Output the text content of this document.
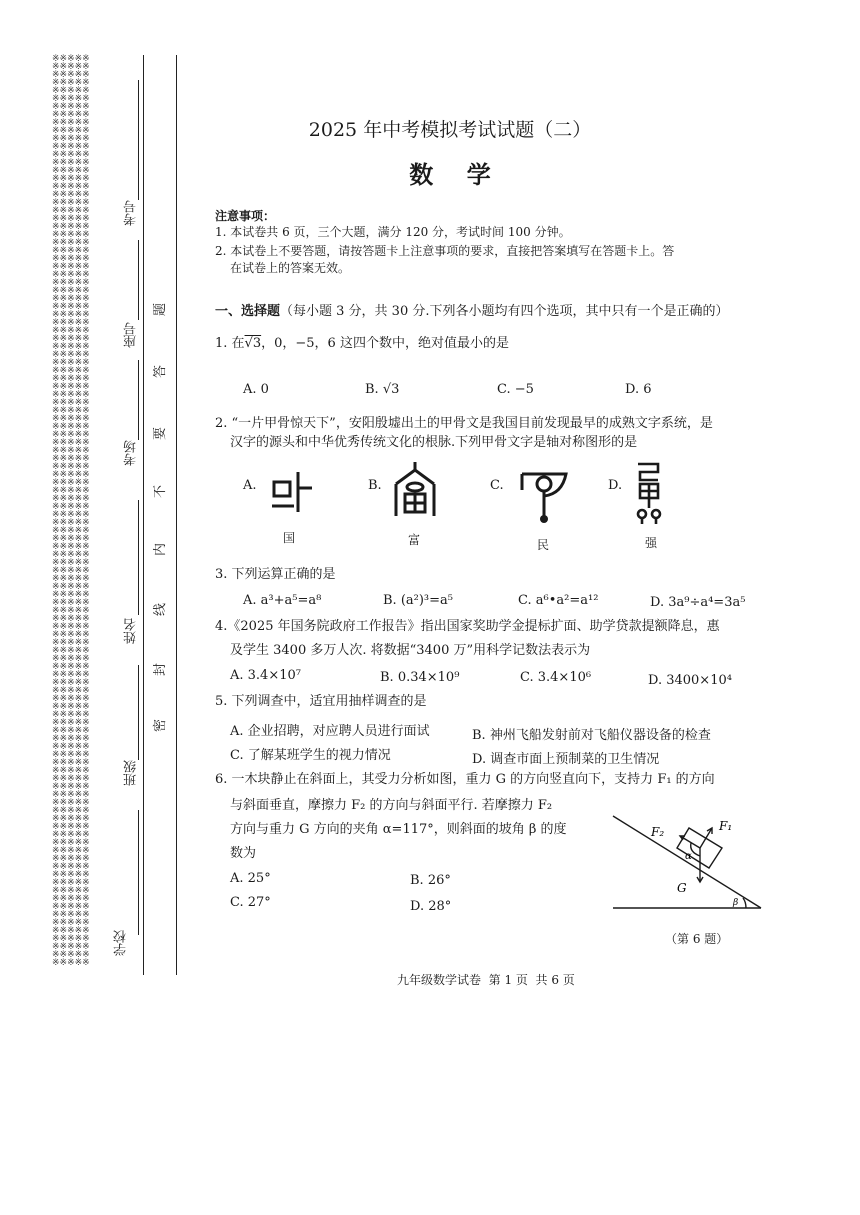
※※※※※
※※※※※
※※※※※
※※※※※
※※※※※
※※※※※
※※※※※
※※※※※
※※※※※
※※※※※
※※※※※
※※※※※
※※※※※
※※※※※
※※※※※
※※※※※
※※※※※
※※※※※
※※※※※
※※※※※
※※※※※
※※※※※
※※※※※
※※※※※
※※※※※
※※※※※
※※※※※
※※※※※
※※※※※
※※※※※
※※※※※
※※※※※
※※※※※
※※※※※
※※※※※
※※※※※
※※※※※
※※※※※
※※※※※
※※※※※
※※※※※
※※※※※
※※※※※
※※※※※
※※※※※
※※※※※
※※※※※
※※※※※
※※※※※
※※※※※
※※※※※
※※※※※
※※※※※
※※※※※
※※※※※
※※※※※
※※※※※
※※※※※
※※※※※
※※※※※
※※※※※
※※※※※
※※※※※
※※※※※
※※※※※
※※※※※
※※※※※
※※※※※
※※※※※
※※※※※
※※※※※
※※※※※
※※※※※
※※※※※
※※※※※
※※※※※
※※※※※
※※※※※
※※※※※
※※※※※
※※※※※
※※※※※
※※※※※
※※※※※
※※※※※
※※※※※
※※※※※
※※※※※
※※※※※
※※※※※
※※※※※
※※※※※
※※※※※
※※※※※
※※※※※
※※※※※
※※※※※
※※※※※
※※※※※
※※※※※
※※※※※
※※※※※
※※※※※
※※※※※
※※※※※
※※※※※
※※※※※
※※※※※
※※※※※
※※※※※
※※※※※
※※※※※
※※※※※
※※※※※
考号
座号
考场
姓名
班级
学校
题
答
要
不
内
线
封
密
2025 年中考模拟考试试题（二）
数    学
注意事项：
1. 本试卷共 6 页，三个大题，满分 120 分，考试时间 100 分钟。
2. 本试卷上不要答题，请按答题卡上注意事项的要求，直接把答案填写在答题卡上。答
在试卷上的答案无效。
一、选择题（每小题 3 分，共 30 分.下列各小题均有四个选项，其中只有一个是正确的）
1. 在√3，0，−5，6 这四个数中，绝对值最小的是
A. 0	B. √3	C. −5	D. 6
2. “一片甲骨惊天下”，安阳殷墟出土的甲骨文是我国目前发现最早的成熟文字系统，是
汉字的源头和中华优秀传统文化的根脉.下列甲骨文字是轴对称图形的是
A.	B.	C.	D.
国	富	民	强
3. 下列运算正确的是
A. a³+a⁵=a⁸	B. (a²)³=a⁵	C. a⁶•a²=a¹²	D. 3a⁹÷a⁴=3a⁵
4.《2025 年国务院政府工作报告》指出国家奖助学金提标扩面、助学贷款提额降息，惠
及学生 3400 多万人次. 将数据“3400 万”用科学记数法表示为
A. 3.4×10⁷	B. 0.34×10⁹	C. 3.4×10⁶	D. 3400×10⁴
5. 下列调查中，适宜用抽样调查的是
A. 企业招聘，对应聘人员进行面试	B. 神州飞船发射前对飞船仪器设备的检查
C. 了解某班学生的视力情况	D. 调查市面上预制菜的卫生情况
6. 一木块静止在斜面上，其受力分析如图，重力 G 的方向竖直向下，支持力 F₁ 的方向
与斜面垂直，摩擦力 F₂ 的方向与斜面平行. 若摩擦力 F₂
方向与重力 G 方向的夹角 α=117°，则斜面的坡角 β 的度
数为
A. 25°	B. 26°
C. 27°	D. 28°
F₂	F₁
G
α
β
（第 6 题）
九年级数学试卷  第 1 页  共 6 页
